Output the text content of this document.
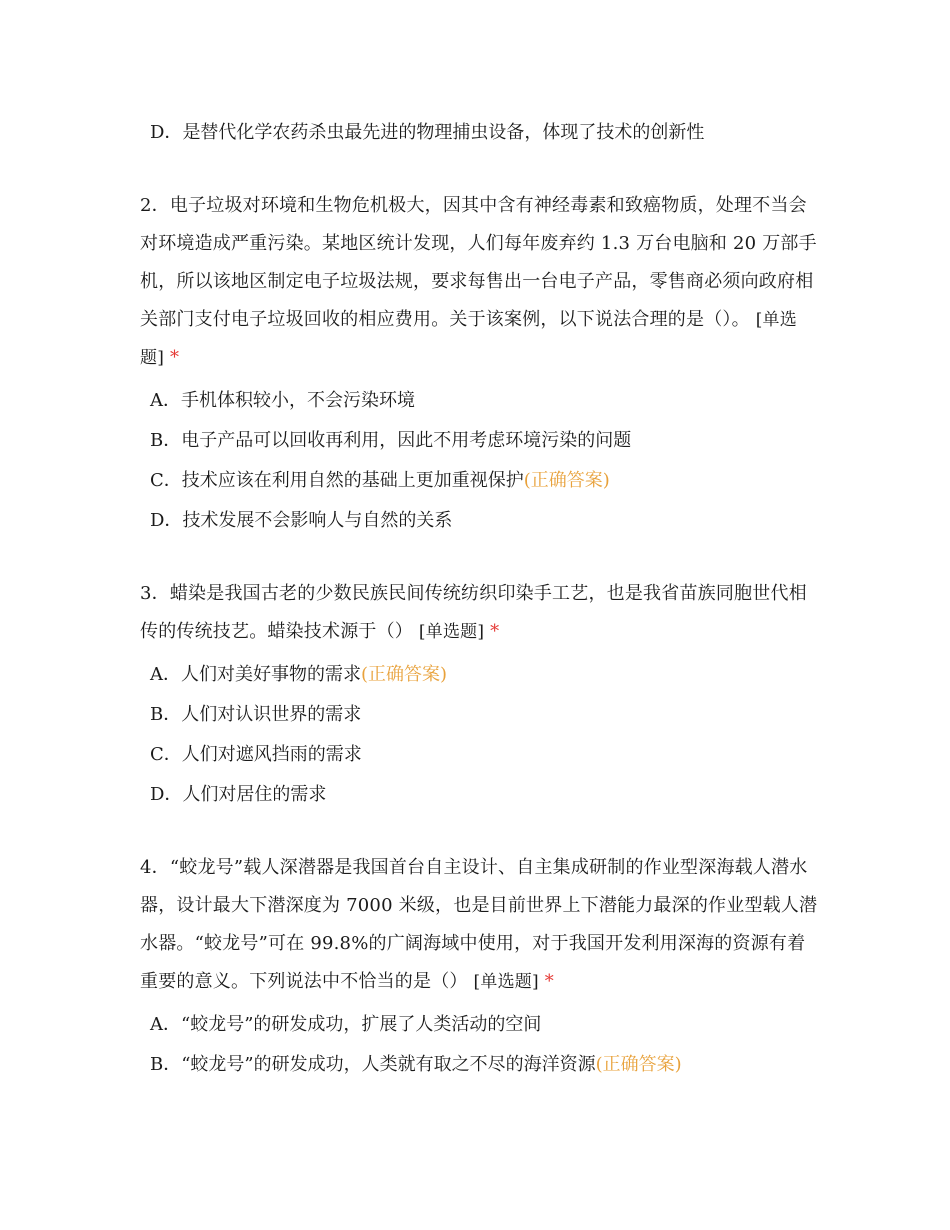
D．是替代化学农药杀虫最先进的物理捕虫设备，体现了技术的创新性
2．电子垃圾对环境和生物危机极大，因其中含有神经毒素和致癌物质，处理不当会对环境造成严重污染。某地区统计发现，人们每年废弃约 1.3 万台电脑和 20 万部手机，所以该地区制定电子垃圾法规，要求每售出一台电子产品，零售商必须向政府相关部门支付电子垃圾回收的相应费用。关于该案例，以下说法合理的是（）。 [单选题] *
A．手机体积较小，不会污染环境
B．电子产品可以回收再利用，因此不用考虑环境污染的问题
C．技术应该在利用自然的基础上更加重视保护(正确答案)
D．技术发展不会影响人与自然的关系
3．蜡染是我国古老的少数民族民间传统纺织印染手工艺，也是我省苗族同胞世代相传的传统技艺。蜡染技术源于（） [单选题] *
A．人们对美好事物的需求(正确答案)
B．人们对认识世界的需求
C．人们对遮风挡雨的需求
D．人们对居住的需求
4．“蛟龙号”载人深潜器是我国首台自主设计、自主集成研制的作业型深海载人潜水器，设计最大下潜深度为 7000 米级，也是目前世界上下潜能力最深的作业型载人潜水器。“蛟龙号”可在 99.8%的广阔海域中使用，对于我国开发利用深海的资源有着重要的意义。下列说法中不恰当的是（） [单选题] *
A．“蛟龙号”的研发成功，扩展了人类活动的空间
B．“蛟龙号”的研发成功，人类就有取之不尽的海洋资源(正确答案)
